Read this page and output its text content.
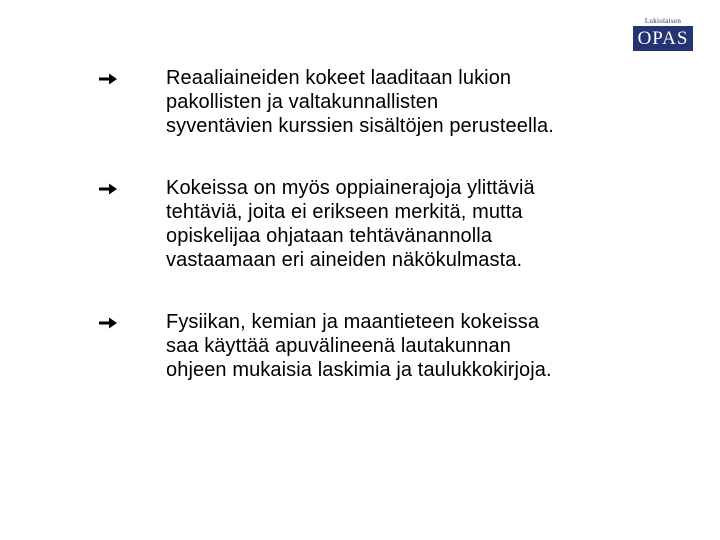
Lukiolaisen
OPAS
Reaaliaineiden kokeet laaditaan lukion
pakollisten ja valtakunnallisten
syventävien kurssien sisältöjen perusteella.
Kokeissa on myös oppiainerajoja ylittäviä
tehtäviä, joita ei erikseen merkitä, mutta
opiskelijaa ohjataan tehtävänannolla
vastaamaan eri aineiden näkökulmasta.
Fysiikan, kemian ja maantieteen kokeissa
saa käyttää apuvälineenä lautakunnan
ohjeen mukaisia laskimia ja taulukkokirjoja.
